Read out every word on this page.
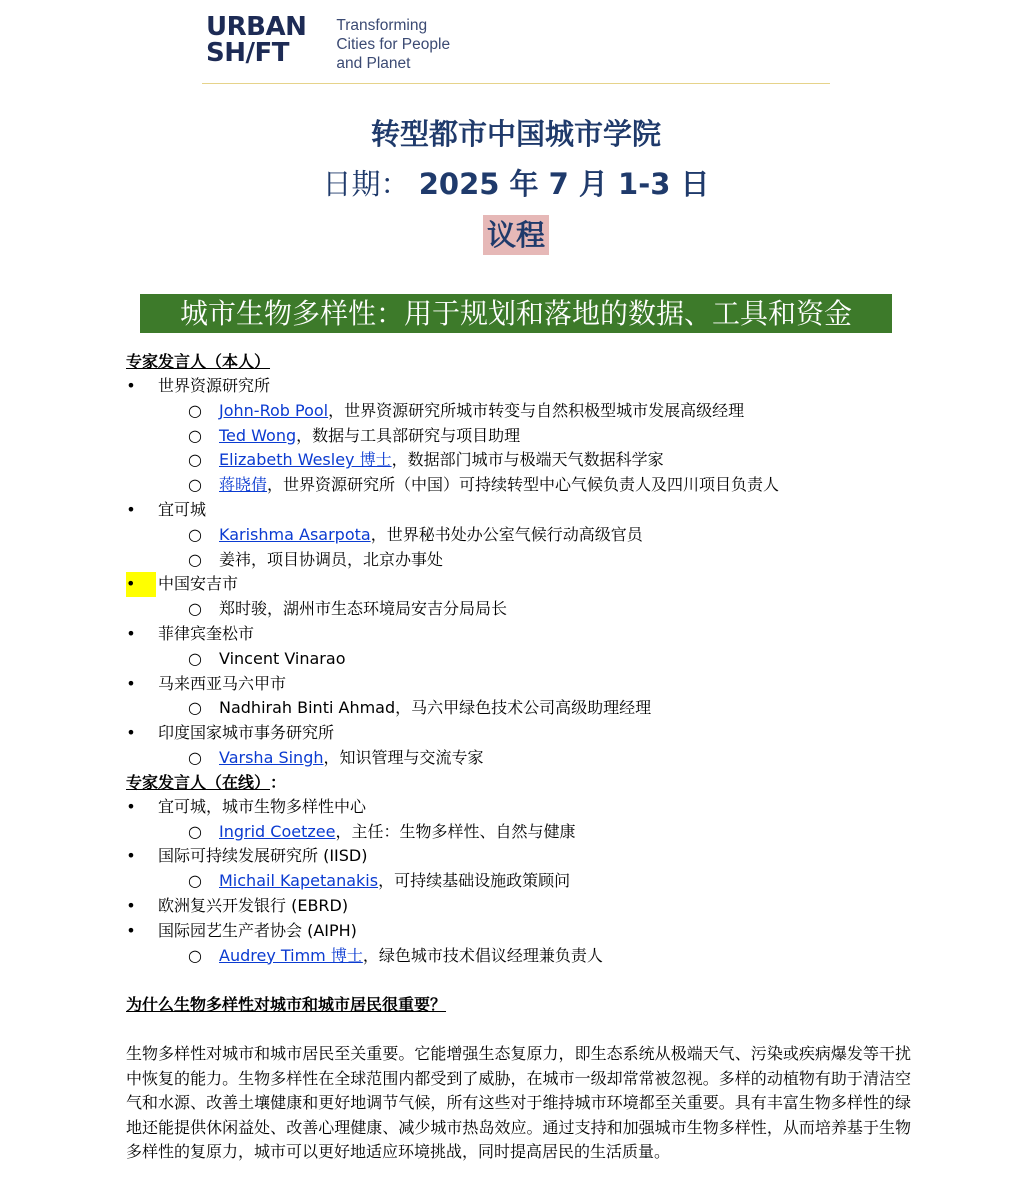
URBAN
SH/FT
Transforming
Cities for People
and Planet
转型都市中国城市学院
日期： 2025 年 7 月 1-3 日
议程
城市生物多样性：用于规划和落地的数据、工具和资金
专家发言人（本人）
• 世界资源研究所
○ John-Rob Pool，世界资源研究所城市转变与自然积极型城市发展高级经理
○ Ted Wong，数据与工具部研究与项目助理
○ Elizabeth Wesley 博士，数据部门城市与极端天气数据科学家
○ 蒋晓倩，世界资源研究所（中国）可持续转型中心气候负责人及四川项目负责人
• 宜可城
○ Karishma Asarpota，世界秘书处办公室气候行动高级官员
○ 姜祎，项目协调员，北京办事处
•	中国安吉市
○ 郑时骏，湖州市生态环境局安吉分局局长
• 菲律宾奎松市
○ Vincent Vinarao
• 马来西亚马六甲市
○ Nadhirah Binti Ahmad，马六甲绿色技术公司高级助理经理
• 印度国家城市事务研究所
○ Varsha Singh，知识管理与交流专家
专家发言人（在线）：
• 宜可城，城市生物多样性中心
○ Ingrid Coetzee，主任：生物多样性、自然与健康
• 国际可持续发展研究所 (IISD)
○ Michail Kapetanakis，可持续基础设施政策顾问
• 欧洲复兴开发银行 (EBRD)
• 国际园艺生产者协会 (AIPH)
○ Audrey Timm 博士，绿色城市技术倡议经理兼负责人
为什么生物多样性对城市和城市居民很重要？
生物多样性对城市和城市居民至关重要。它能增强生态复原力，即生态系统从极端天气、污染或疾病爆发等干扰中恢复的能力。生物多样性在全球范围内都受到了威胁，在城市一级却常常被忽视。多样的动植物有助于清洁空气和水源、改善土壤健康和更好地调节气候，所有这些对于维持城市环境都至关重要。具有丰富生物多样性的绿地还能提供休闲益处、改善心理健康、减少城市热岛效应。通过支持和加强城市生物多样性，从而培养基于生物多样性的复原力，城市可以更好地适应环境挑战，同时提高居民的生活质量。
